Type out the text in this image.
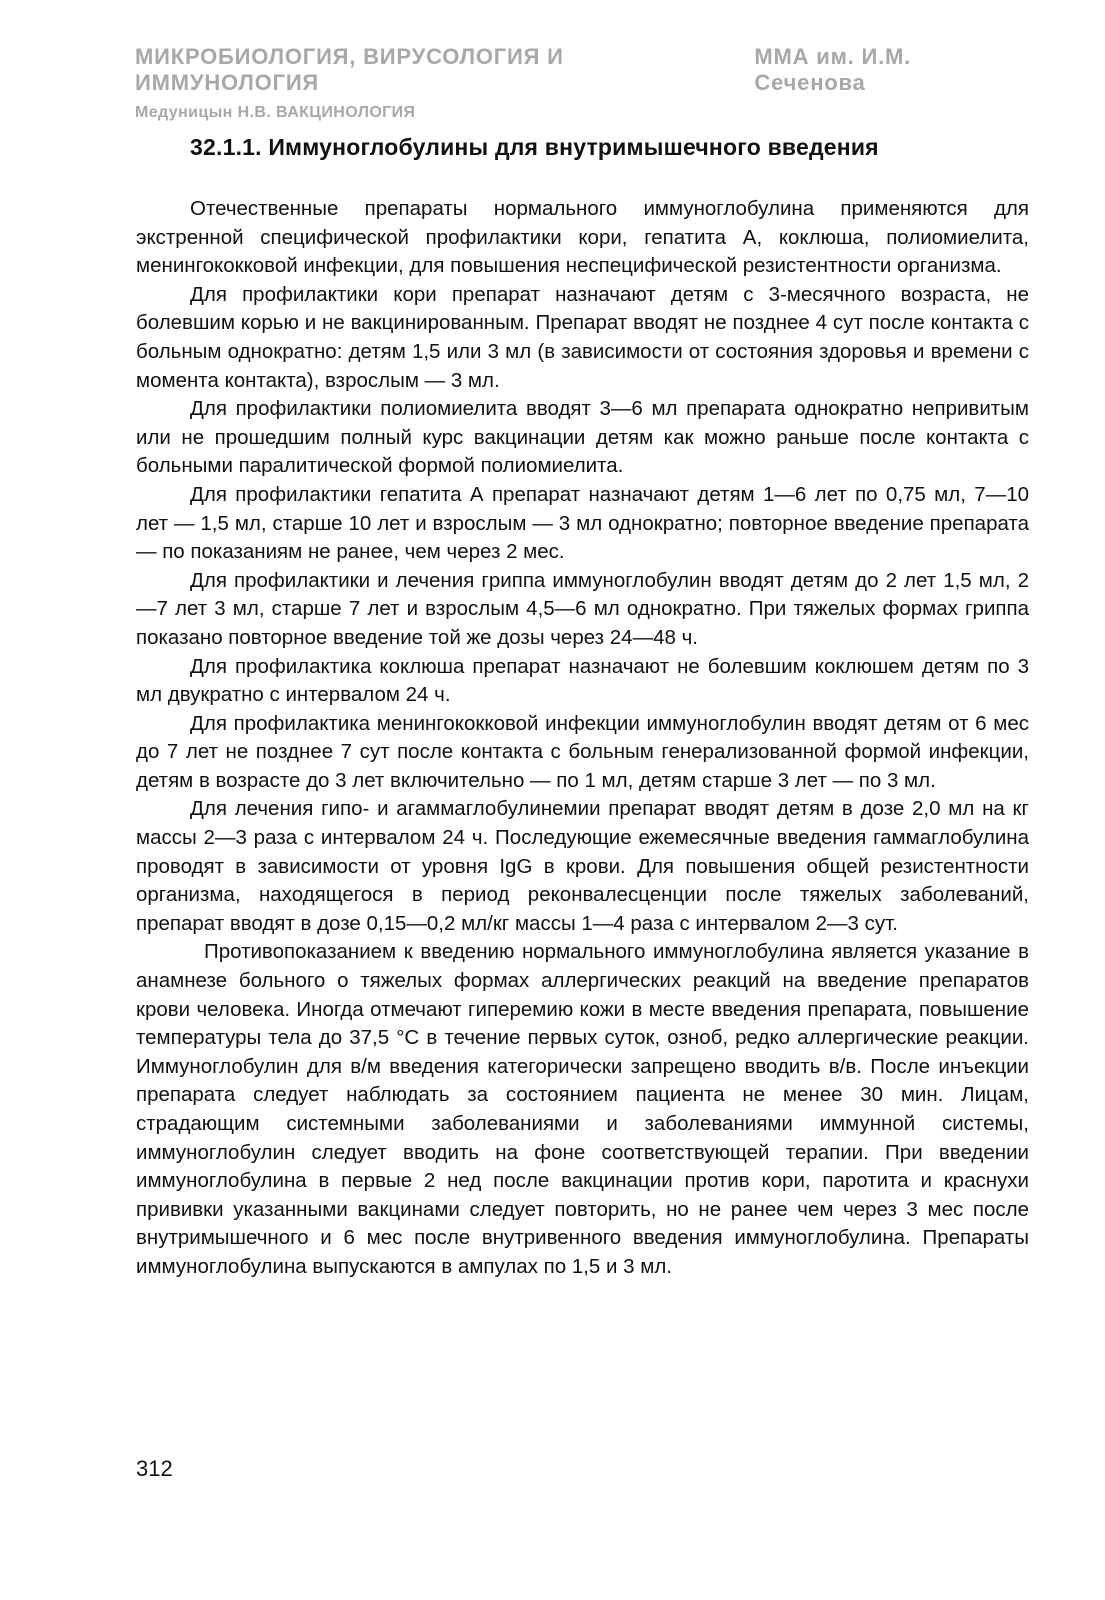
МИКРОБИОЛОГИЯ, ВИРУСОЛОГИЯ И ИММУНОЛОГИЯ
ММА им. И.М. Сеченова
Медуницын Н.В. ВАКЦИНОЛОГИЯ
32.1.1. Иммуноглобулины для внутримышечного введения

Отечественные препараты нормального иммуноглобулина применяются для экстренной специфической профилактики кори, гепатита А, коклюша, полиомиелита, менингококковой инфекции, для повышения неспецифической резистентности организма.

Для профилактики кори препарат назначают детям с 3-месячного возраста, не болевшим корью и не вакцинированным. Препарат вводят не позднее 4 сут после контакта с больным однократно: детям 1,5 или 3 мл (в зависимости от состояния здоровья и времени с момента контакта), взрослым — 3 мл.

Для профилактики полиомиелита вводят 3—6 мл препарата однократно непривитым или не прошедшим полный курс вакцинации детям как можно раньше после контакта с больными паралитической формой полиомиелита.

Для профилактики гепатита А препарат назначают детям 1—6 лет по 0,75 мл, 7—10 лет — 1,5 мл, старше 10 лет и взрослым — 3 мл однократно; повторное введение препарата — по показаниям не ранее, чем через 2 мес.

Для профилактики и лечения гриппа иммуноглобулин вводят детям до 2 лет 1,5 мл, 2—7 лет 3 мл, старше 7 лет и взрослым 4,5—6 мл однократно. При тяжелых формах гриппа показано повторное введение той же дозы через 24—48 ч.

Для профилактика коклюша препарат назначают не болевшим коклюшем детям по 3 мл двукратно с интервалом 24 ч.

Для профилактика менингококковой инфекции иммуноглобулин вводят детям от 6 мес до 7 лет не позднее 7 сут после контакта с больным генерализованной формой инфекции, детям в возрасте до 3 лет включительно — по 1 мл, детям старше 3 лет — по 3 мл.

Для лечения гипо- и агаммаглобулинемии препарат вводят детям в дозе 2,0 мл на кг массы 2—3 раза с интервалом 24 ч. Последующие ежемесячные введения гаммаглобулина проводят в зависимости от уровня IgG в крови. Для повышения общей резистентности организма, находящегося в период реконвалесценции после тяжелых заболеваний, препарат вводят в дозе 0,15—0,2 мл/кг массы 1—4 раза с интервалом 2—3 сут.

Противопоказанием к введению нормального иммуноглобулина является указание в анамнезе больного о тяжелых формах аллергических реакций на введение препаратов крови человека. Иногда отмечают гиперемию кожи в месте введения препарата, повышение температуры тела до 37,5 °С в течение первых суток, озноб, редко аллергические реакции. Иммуноглобулин для в/м введения категорически запрещено вводить в/в. После инъекции препарата следует наблюдать за состоянием пациента не менее 30 мин. Лицам, страдающим системными заболеваниями и заболеваниями иммунной системы, иммуноглобулин следует вводить на фоне соответствующей терапии. При введении иммуноглобулина в первые 2 нед после вакцинации против кори, паротита и краснухи прививки указанными вакцинами следует повторить, но не ранее чем через 3 мес после внутримышечного и 6 мес после внутривенного введения иммуноглобулина. Препараты иммуноглобулина выпускаются в ампулах по 1,5 и 3 мл.

312
